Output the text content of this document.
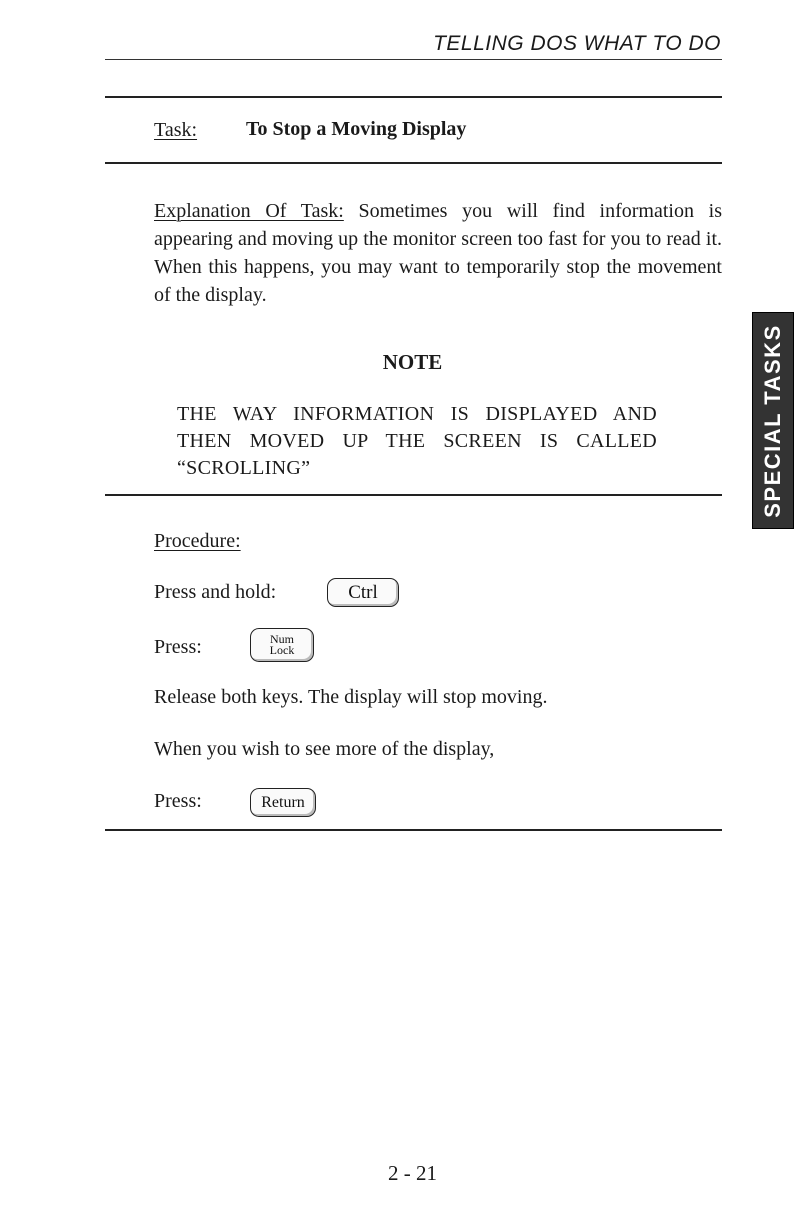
TELLING DOS WHAT TO DO
Task: To Stop a Moving Display
Explanation Of Task: Sometimes you will find information is appearing and moving up the monitor screen too fast for you to read it. When this happens, you may want to temporarily stop the movement of the display.
NOTE
THE WAY INFORMATION IS DISPLAYED AND THEN MOVED UP THE SCREEN IS CALLED “SCROLLING”	SPECIAL TASKS
Procedure:
Press and hold:	Ctrl
Press:	Num
Lock
Release both keys. The display will stop moving.
When you wish to see more of the display,
Press:	Return
2 - 21
